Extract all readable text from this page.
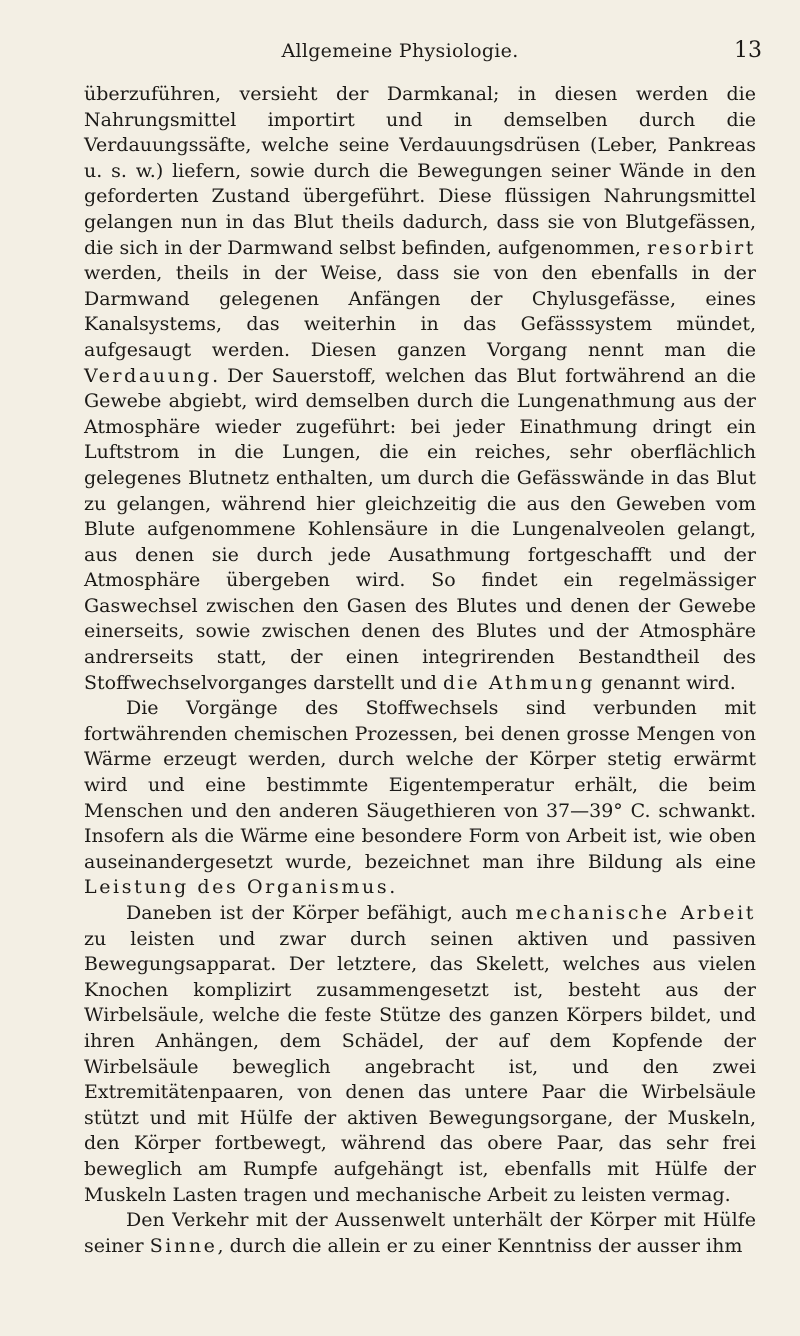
Allgemeine Physiologie.	13

überzuführen, versieht der Darmkanal; in diesen werden die Nahrungsmittel importirt und in demselben durch die Verdauungssäfte, welche seine Verdauungsdrüsen (Leber, Pankreas u. s. w.) liefern, sowie durch die Bewegungen seiner Wände in den geforderten Zustand übergeführt. Diese flüssigen Nahrungsmittel gelangen nun in das Blut theils dadurch, dass sie von Blutgefässen, die sich in der Darmwand selbst befinden, aufgenommen, resorbirt werden, theils in der Weise, dass sie von den ebenfalls in der Darmwand gelegenen Anfängen der Chylusgefässe, eines Kanalsystems, das weiterhin in das Gefässsystem mündet, aufgesaugt werden. Diesen ganzen Vorgang nennt man die Verdauung. Der Sauerstoff, welchen das Blut fortwährend an die Gewebe abgiebt, wird demselben durch die Lungenathmung aus der Atmosphäre wieder zugeführt: bei jeder Einathmung dringt ein Luftstrom in die Lungen, die ein reiches, sehr oberflächlich gelegenes Blutnetz enthalten, um durch die Gefässwände in das Blut zu gelangen, während hier gleichzeitig die aus den Geweben vom Blute aufgenommene Kohlensäure in die Lungenalveolen gelangt, aus denen sie durch jede Ausathmung fortgeschafft und der Atmosphäre übergeben wird. So findet ein regelmässiger Gaswechsel zwischen den Gasen des Blutes und denen der Gewebe einerseits, sowie zwischen denen des Blutes und der Atmosphäre andrerseits statt, der einen integrirenden Bestandtheil des Stoffwechselvorganges darstellt und die Athmung genannt wird.

Die Vorgänge des Stoffwechsels sind verbunden mit fortwährenden chemischen Prozessen, bei denen grosse Mengen von Wärme erzeugt werden, durch welche der Körper stetig erwärmt wird und eine bestimmte Eigentemperatur erhält, die beim Menschen und den anderen Säugethieren von 37—39° C. schwankt. Insofern als die Wärme eine besondere Form von Arbeit ist, wie oben auseinandergesetzt wurde, bezeichnet man ihre Bildung als eine Leistung des Organismus.

Daneben ist der Körper befähigt, auch mechanische Arbeit zu leisten und zwar durch seinen aktiven und passiven Bewegungsapparat. Der letztere, das Skelett, welches aus vielen Knochen komplizirt zusammengesetzt ist, besteht aus der Wirbelsäule, welche die feste Stütze des ganzen Körpers bildet, und ihren Anhängen, dem Schädel, der auf dem Kopfende der Wirbelsäule beweglich angebracht ist, und den zwei Extremitätenpaaren, von denen das untere Paar die Wirbelsäule stützt und mit Hülfe der aktiven Bewegungsorgane, der Muskeln, den Körper fortbewegt, während das obere Paar, das sehr frei beweglich am Rumpfe aufgehängt ist, ebenfalls mit Hülfe der Muskeln Lasten tragen und mechanische Arbeit zu leisten vermag.

Den Verkehr mit der Aussenwelt unterhält der Körper mit Hülfe seiner Sinne, durch die allein er zu einer Kenntniss der ausser ihm
